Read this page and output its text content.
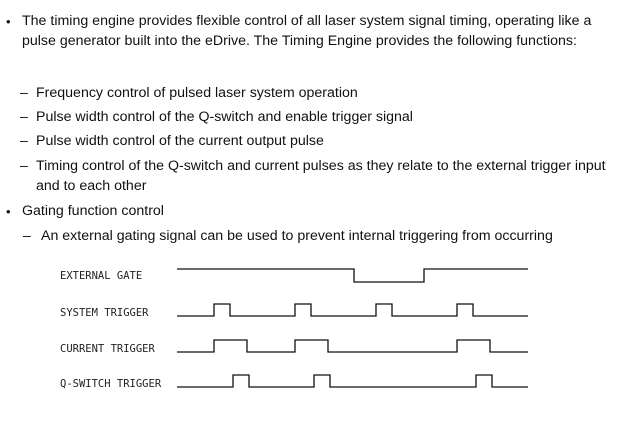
• The timing engine provides flexible control of all laser system signal timing, operating like a pulse generator built into the eDrive. The Timing Engine provides the following functions:
– Frequency control of pulsed laser system operation
– Pulse width control of the Q-switch and enable trigger signal
– Pulse width control of the current output pulse
– Timing control of the Q-switch and current pulses as they relate to the external trigger input and to each other
• Gating function control
– An external gating signal can be used to prevent internal triggering from occurring
EXTERNAL GATE
SYSTEM TRIGGER
CURRENT TRIGGER
Q-SWITCH TRIGGER
